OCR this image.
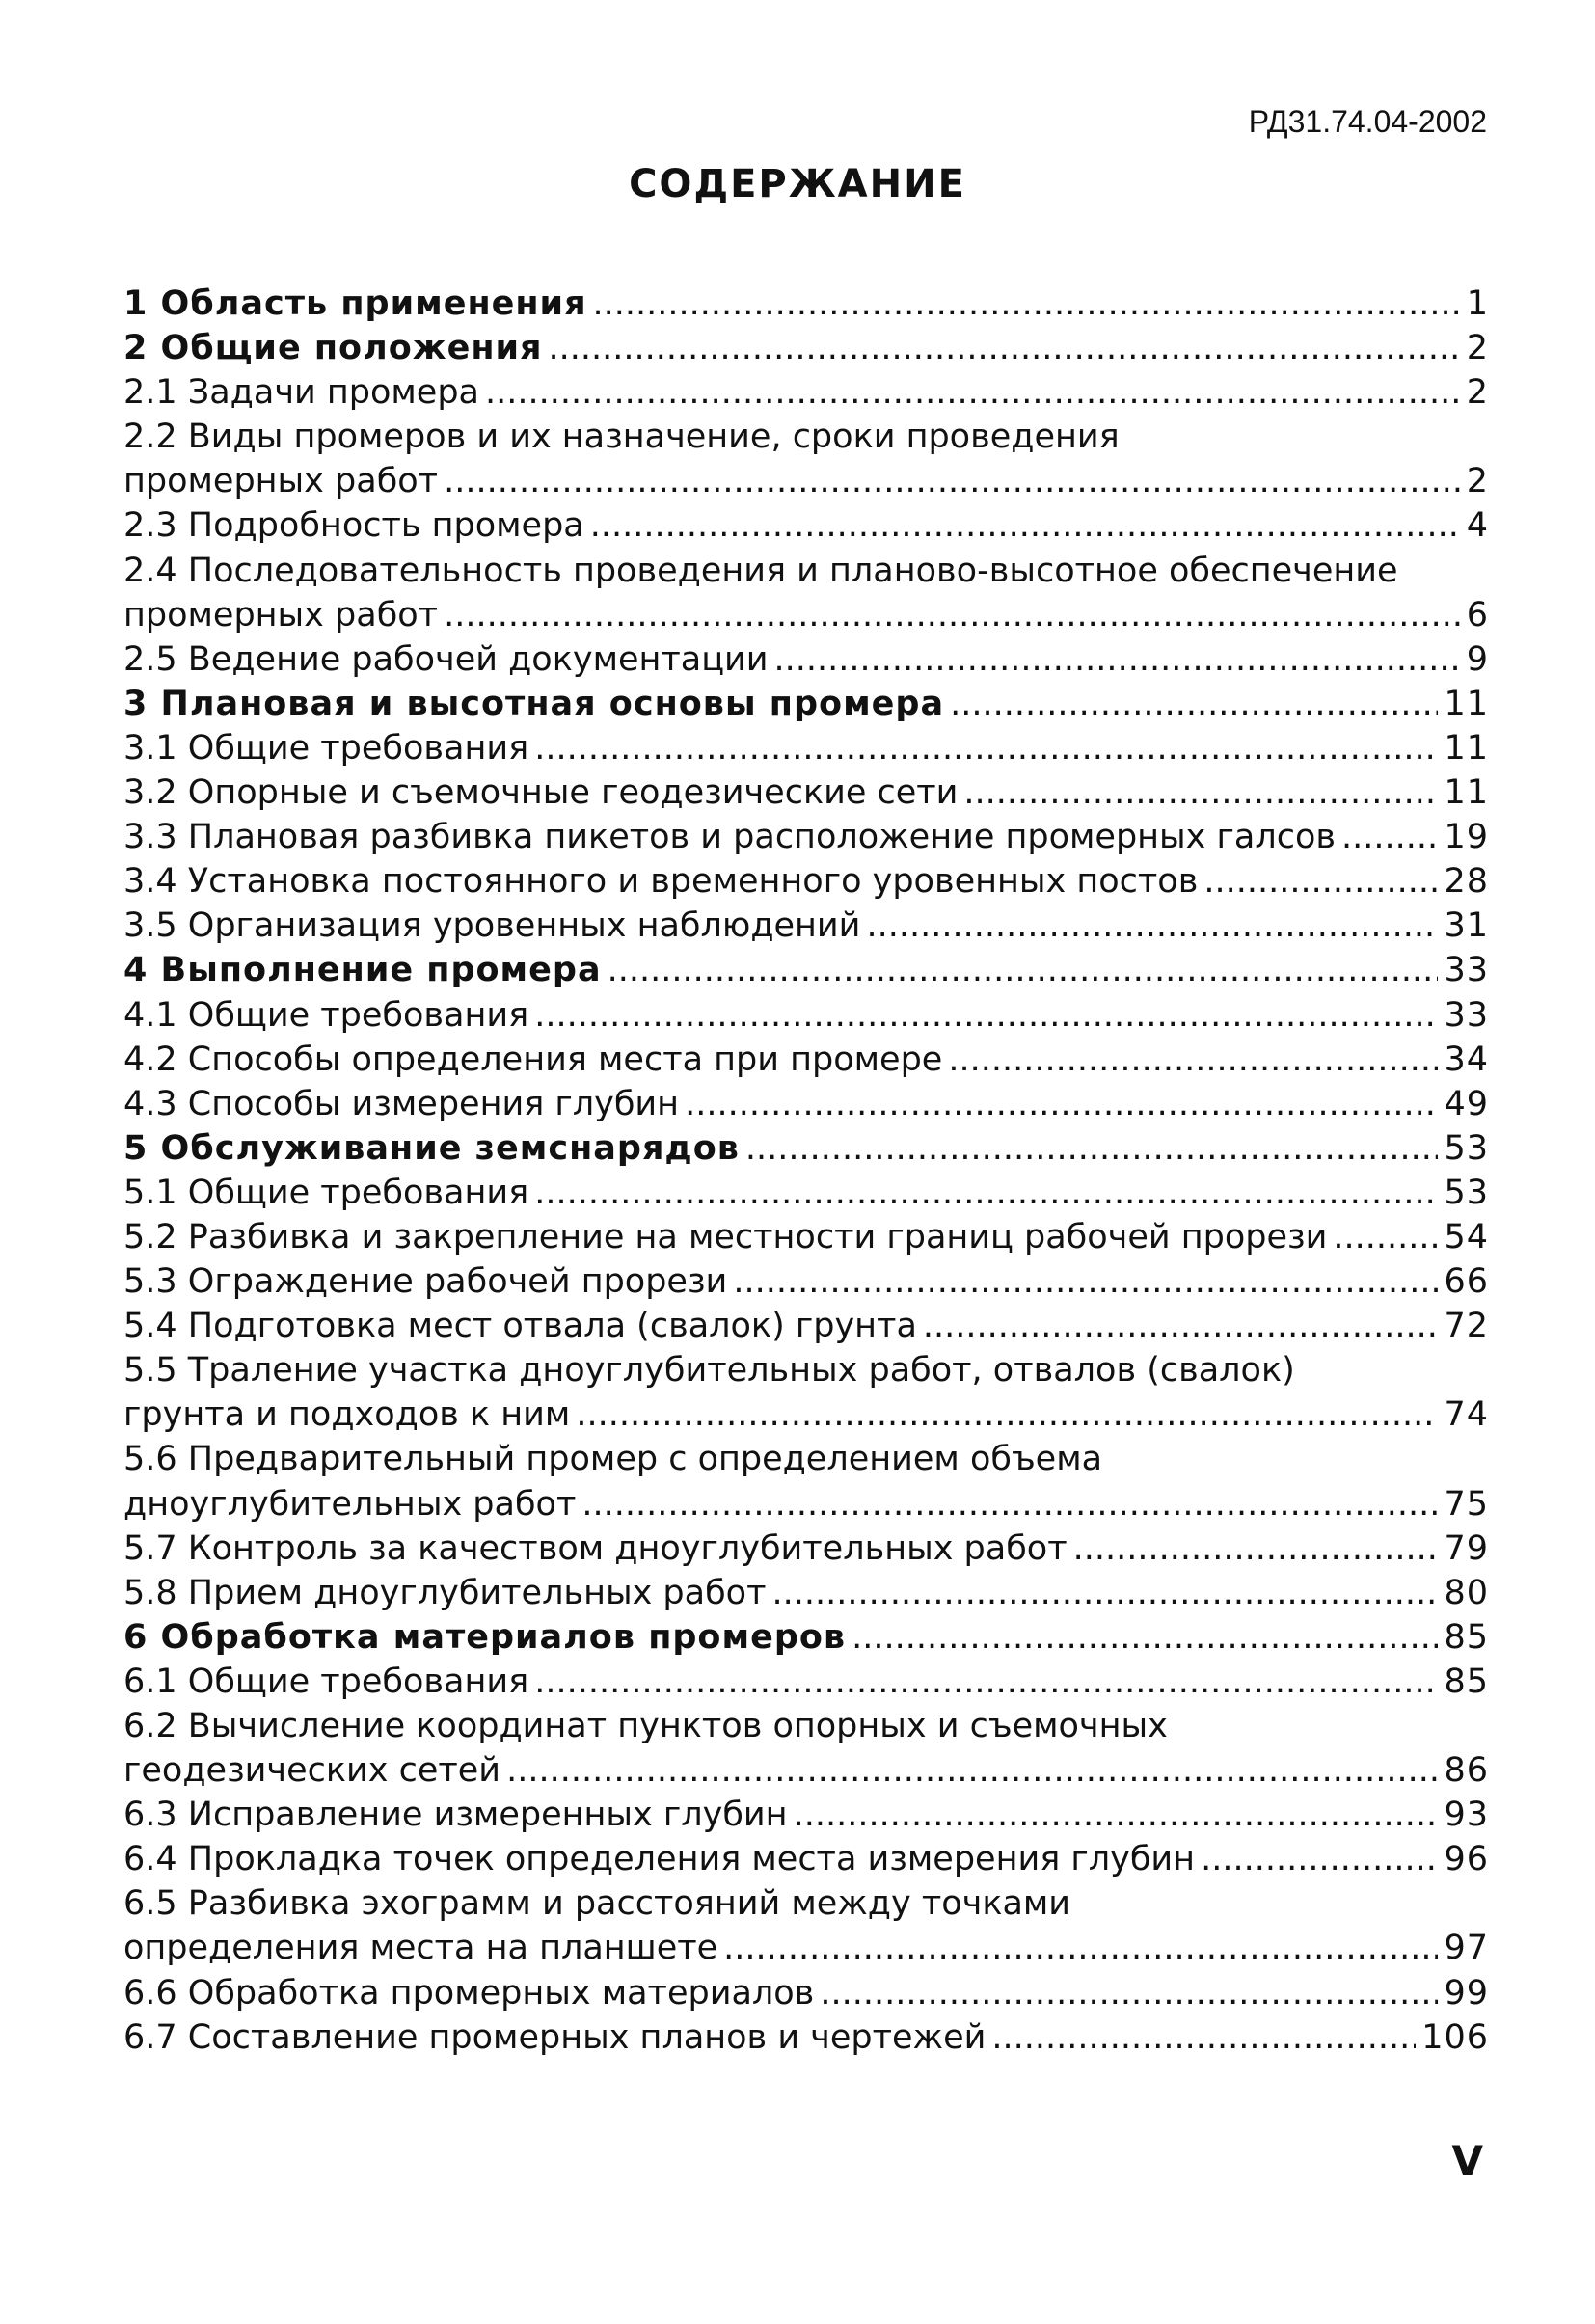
РД31.74.04-2002
СОДЕРЖАНИЕ
1 Область применения .....	1
2 Общие положения .....	2
2.1 Задачи промера .....	2
2.2 Виды промеров и их назначение, сроки проведения
промерных работ .....	2
2.3 Подробность промера .....	4
2.4 Последовательность проведения и планово-высотное обеспечение
промерных работ .....	6
2.5 Ведение рабочей документации .....	9
3 Плановая и высотная основы промера .....	11
3.1 Общие требования .....	11
3.2 Опорные и съемочные геодезические сети .....	11
3.3 Плановая разбивка пикетов и расположение промерных галсов .....	19
3.4 Установка постоянного и временного уровенных постов .....	28
3.5 Организация уровенных наблюдений .....	31
4 Выполнение промера .....	33
4.1 Общие требования .....	33
4.2 Способы определения места при промере .....	34
4.3 Способы измерения глубин .....	49
5 Обслуживание земснарядов .....	53
5.1 Общие требования .....	53
5.2 Разбивка и закрепление на местности границ рабочей прорези .....	54
5.3 Ограждение рабочей прорези .....	66
5.4 Подготовка мест отвала (свалок) грунта .....	72
5.5 Траление участка дноуглубительных работ, отвалов (свалок)
грунта и подходов к ним .....	74
5.6 Предварительный промер с определением объема
дноуглубительных работ .....	75
5.7 Контроль за качеством дноуглубительных работ .....	79
5.8 Прием дноуглубительных работ .....	80
6 Обработка материалов промеров .....	85
6.1 Общие требования .....	85
6.2 Вычисление координат пунктов опорных и съемочных
геодезических сетей .....	86
6.3 Исправление измеренных глубин .....	93
6.4 Прокладка точек определения места измерения глубин .....	96
6.5 Разбивка эхограмм и расстояний между точками
определения места на планшете .....	97
6.6 Обработка промерных материалов .....	99
6.7 Составление промерных планов и чертежей .....	106
V
